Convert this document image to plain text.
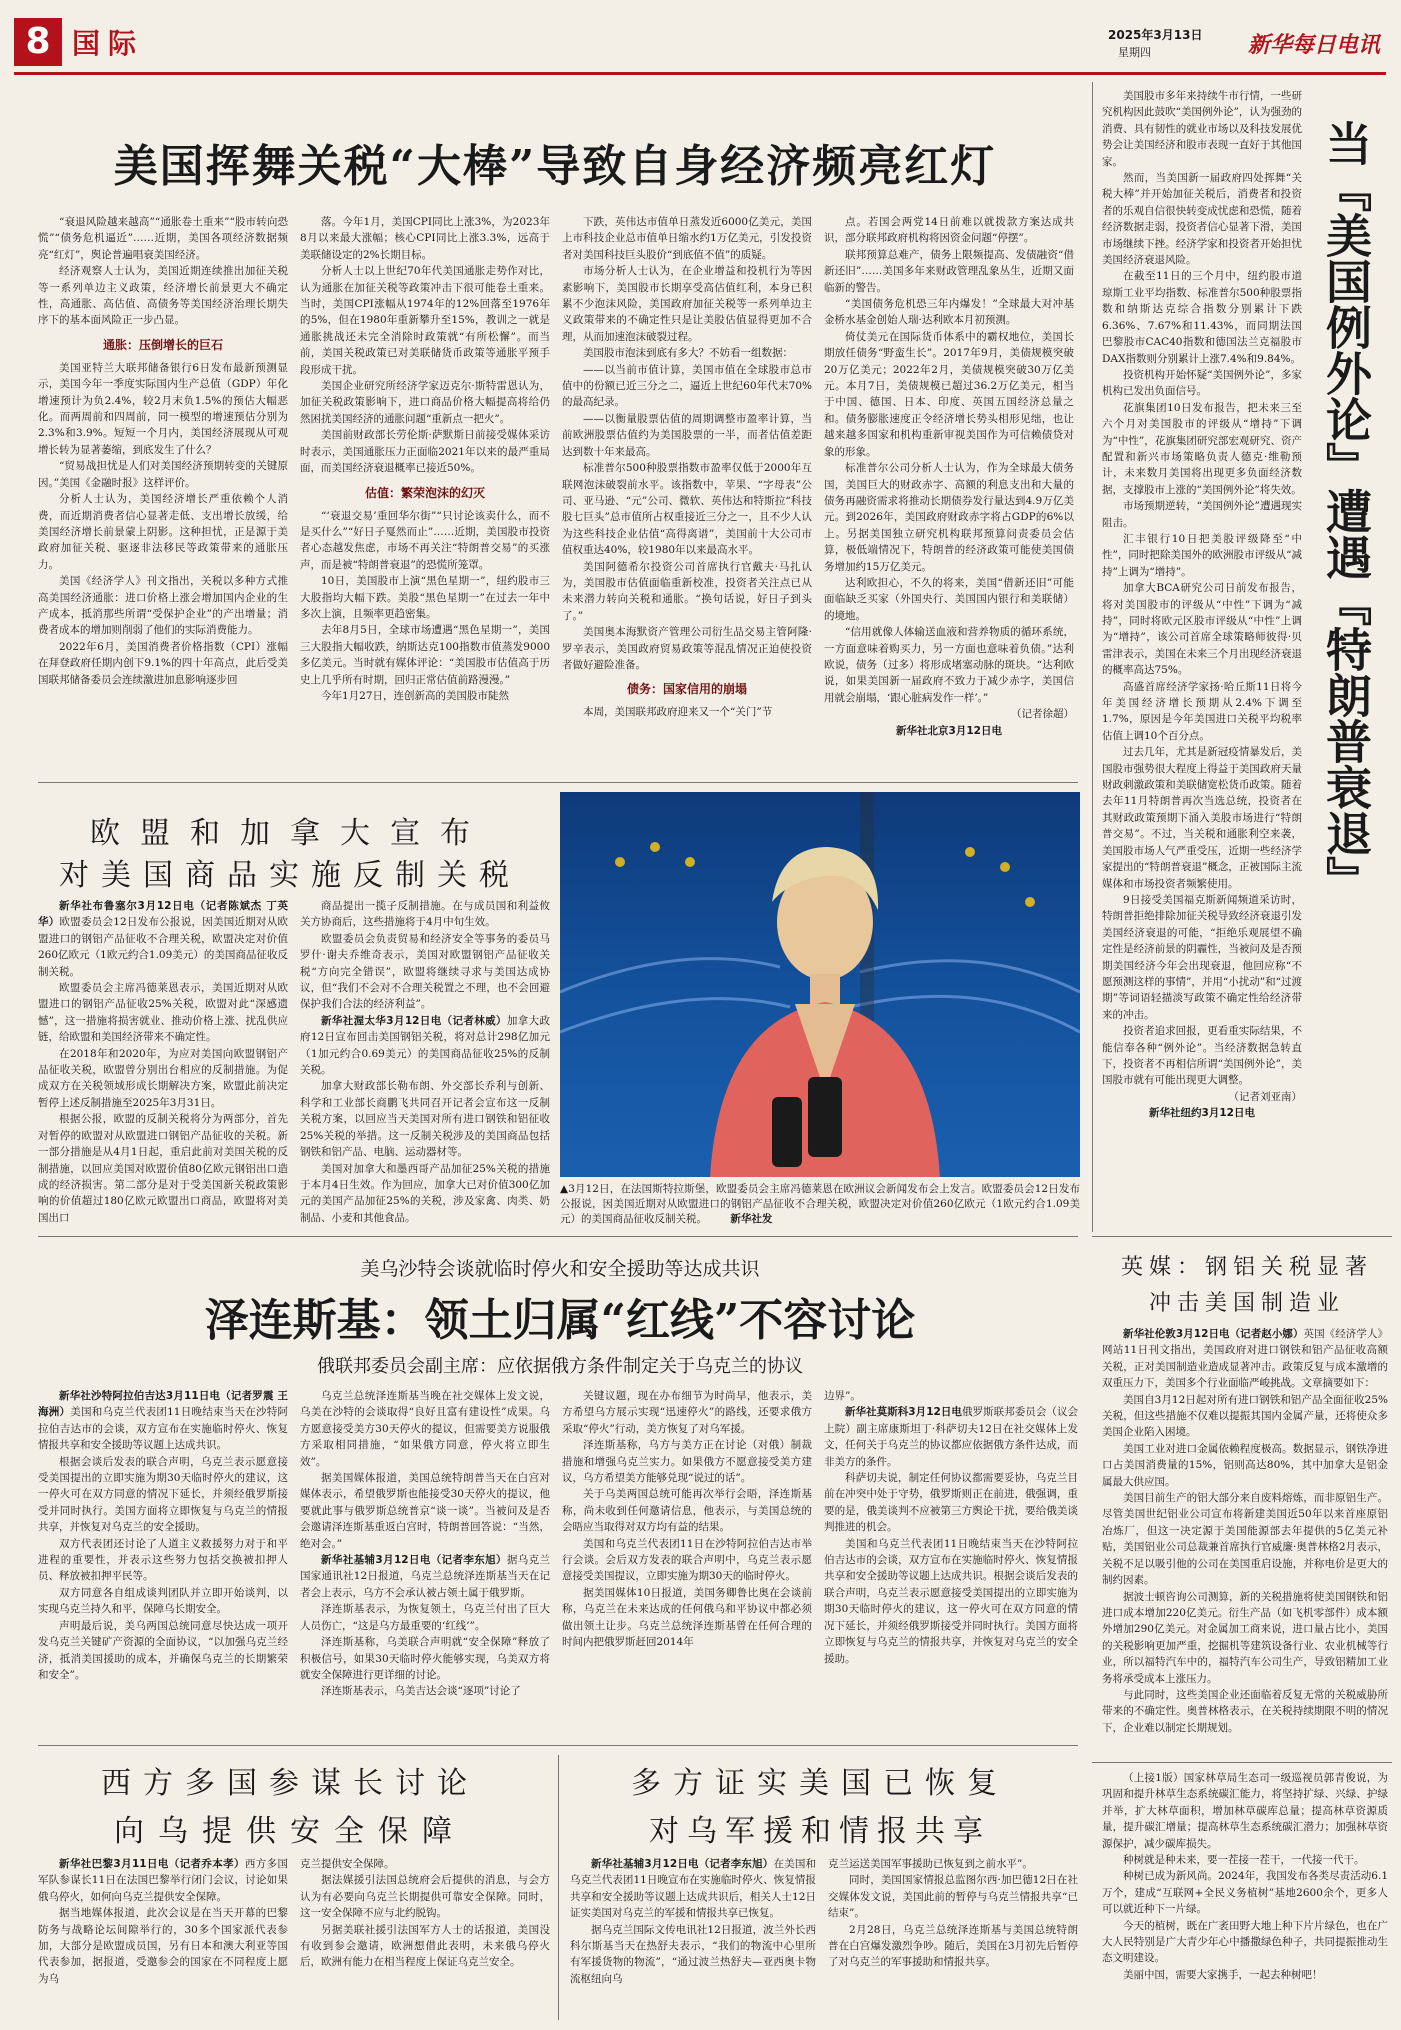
8 国际	2025年3月13日
星期四	新华每日电讯
美国挥舞关税“大棒”导致自身经济频亮红灯

“衰退风险越来越高”“通胀卷土重来”“股市转向恐慌”“债务危机逼近”……近期，美国各项经济数据频亮“红灯”，舆论普遍唱衰美国经济。

经济观察人士认为，美国近期连续推出加征关税等一系列单边主义政策，经济增长前景更大不确定性，高通胀、高估值、高债务等美国经济治理长期失序下的基本面风险正一步凸显。

通胀：压倒增长的巨石

美国亚特兰大联邦储备银行6日发布最新预测显示，美国今年一季度实际国内生产总值（GDP）年化增速预计为负2.4%，较2月末负1.5%的预估大幅恶化。而两周前和四周前，同一模型的增速预估分别为2.3%和3.9%。短短一个月内，美国经济展现从可观增长转为显著萎缩，到底发生了什么？

“贸易战担忧是人们对美国经济预期转变的关键原因。”美国《金融时报》这样评价。

分析人士认为，美国经济增长严重依赖个人消费，而近期消费者信心显著走低、支出增长放缓，给美国经济增长前景蒙上阴影。这种担忧，正是源于美政府加征关税、驱逐非法移民等政策带来的通胀压力。

美国《经济学人》刊文指出，关税以多种方式推高美国经济通胀：进口价格上涨会增加国内企业的生产成本，抵消那些所谓“受保护企业”的产出增量；消费者成本的增加则削弱了他们的实际消费能力。

2022年6月，美国消费者价格指数（CPI）涨幅在拜登政府任期内创下9.1%的四十年高点，此后受美国联邦储备委员会连续激进加息影响逐步回

落。今年1月，美国CPI同比上涨3%，为2023年8月以来最大涨幅；核心CPI同比上涨3.3%，远高于美联储设定的2%长期目标。

分析人士以上世纪70年代美国通胀走势作对比，认为通胀在加征关税等政策冲击下很可能卷土重来。当时，美国CPI涨幅从1974年的12%回落至1976年的5%，但在1980年重新攀升至15%，教训之一就是通胀挑战还未完全消除时政策就“有所松懈”。而当前，美国关税政策已对美联储货币政策等通胀平预手段形成干扰。

美国企业研究所经济学家迈克尔·斯特雷恩认为，加征关税政策影响下，进口商品价格大幅提高将给仍然困扰美国经济的通胀问题“重新点一把火”。

美国前财政部长劳伦斯·萨默斯日前接受媒体采访时表示，美国通胀压力正面临2021年以来的最严重局面，而美国经济衰退概率已接近50%。

估值：繁荣泡沫的幻灭

“‘衰退交易’重回华尔街”“只讨论该卖什么，而不是买什么”“好日子戛然而止”……近期，美国股市投资者心态越发焦虑，市场不再关注“特朗普交易”的买涨声，而是被“特朗普衰退”的恐慌所笼罩。

10日，美国股市上演“黑色星期一”，纽约股市三大股指均大幅下跌。美股“黑色星期一”在过去一年中多次上演，且频率更趋密集。

去年8月5日，全球市场遭遇“黑色星期一”，美国三大股指大幅收跌，纳斯达克100指数市值蒸发9000多亿美元。当时就有媒体评论：“美国股市估值高于历史上几乎所有时期，回归正常估值前路漫漫。”

今年1月27日，连创新高的美国股市陡然

下跌，英伟达市值单日蒸发近6000亿美元，美国上市科技企业总市值单日缩水约1万亿美元，引发投资者对美国科技巨头股价“到底值不值”的质疑。

市场分析人士认为，在企业增益和投机行为等因素影响下，美国股市长期享受高估值红利，本身已积累不少泡沫风险，美国政府加征关税等一系列单边主义政策带来的不确定性只是让美股估值显得更加不合理，从而加速泡沫破裂过程。

美国股市泡沫到底有多大？不妨看一组数据：

——以当前市值计算，美国市值在全球股市总市值中的份额已近三分之二，逼近上世纪60年代末70%的最高纪录。

——以衡量股票估值的周期调整市盈率计算，当前欧洲股票估值约为美国股票的一半，而者估值差距达到数十年来最高。

标准普尔500种股票指数市盈率仅低于2000年互联网泡沫破裂前水平。该指数中，苹果、“字母表”公司、亚马逊、“元”公司、微软、英伟达和特斯拉“科技股七巨头”总市值所占权重接近三分之一，且不少人认为这些科技企业估值“高得离谱”，美国前十大公司市值权重达40%，较1980年以来最高水平。

美国阿德希尔投资公司首席执行官戴夫·马扎认为，美国股市估值面临重新校准，投资者关注点已从未来潜力转向关税和通胀。“换句话说，好日子到头了。”

美国奥本海默资产管理公司衍生品交易主管阿隆·罗辛表示，美国政府贸易政策等混乱情况正迫使投资者做好避险准备。

债务：国家信用的崩塌

本周，美国联邦政府迎来又一个“关门”节

点。若国会两党14日前难以就拨款方案达成共识，部分联邦政府机构将因资金问题“停摆”。

联邦预算总难产，债务上限频提高、发债融资“借新还旧”……美国多年来财政管理乱象丛生，近期又面临新的警告。

“美国债务危机恐三年内爆发！”全球最大对冲基金桥水基金创始人瑞·达利欧本月初预测。

倚仗美元在国际货币体系中的霸权地位，美国长期放任债务“野蛮生长”。2017年9月，美债规模突破20万亿美元；2022年2月，美债规模突破30万亿美元。本月7日，美债规模已超过36.2万亿美元，相当于中国、德国、日本、印度、英国五国经济总量之和。债务膨胀速度正令经济增长势头相形见绌，也让越来越多国家和机构重新审视美国作为可信赖债贷对象的形象。

标准普尔公司分析人士认为，作为全球最大债务国，美国巨大的财政赤字、高额的利息支出和大量的债务再融资需求将推动长期债券发行量达到4.9万亿美元。到2026年，美国政府财政赤字将占GDP的6%以上。另据美国独立研究机构联邦预算问责委员会估算，极低端情况下，特朗普的经济政策可能使美国债务增加约15万亿美元。

达利欧担心，不久的将来，美国“借新还旧”可能面临缺乏买家（外国央行、美国国内银行和美联储）的境地。

“信用就像人体输送血液和营养物质的循环系统，一方面意味着购买力，另一方面也意味着负债。”达利欧说，债务（过多）将形成堵塞动脉的斑块。“达利欧说，如果美国新一届政府不致力于减少赤字，美国信用就会崩塌，‘跟心脏病发作一样’。”

（记者徐超）

新华社北京3月12日电

美国股市多年来持续牛市行情，一些研究机构因此鼓吹“美国例外论”，认为强劲的消费、具有韧性的就业市场以及科技发展优势会让美国经济和股市表现一直好于其他国家。

然而，当美国新一届政府四处挥舞“关税大棒”并开始加征关税后，消费者和投资者的乐观自信很快转变成忧虑和恐慌，随着经济数据走弱，投资者信心显著下滑，美国市场继续下挫。经济学家和投资者开始担忧美国经济衰退风险。

在截至11日的三个月中，纽约股市道琼斯工业平均指数、标准普尔500种股票指数和纳斯达克综合指数分别累计下跌6.36%、7.67%和11.43%，而同期法国巴黎股市CAC40指数和德国法兰克福股市DAX指数则分别累计上涨7.4%和9.84%。

投资机构开始怀疑“美国例外论”，多家机构已发出负面信号。

花旗集团10日发布报告，把未来三至六个月对美国股市的评级从“增持”下调为“中性”，花旗集团研究部宏观研究、资产配置和新兴市场策略负责人德克·维勒预计，未来数月美国将出现更多负面经济数据，支撑股市上涨的“美国例外论”将失效。

市场预期逆转，“美国例外论”遭遇现实阻击。

汇丰银行10日把美股评级降至“中性”，同时把除美国外的欧洲股市评级从“减持”上调为“增持”。

加拿大BCA研究公司日前发布报告，将对美国股市的评级从“中性”下调为“减持”，同时将欧元区股市评级从“中性”上调为“增持”，该公司首席全球策略师彼得·贝雷津表示，美国在未来三个月出现经济衰退的概率高达75%。

高盛首席经济学家扬·哈丘斯11日将今年美国经济增长预期从2.4%下调至1.7%，原因是今年美国进口关税平均税率估值上调10个百分点。

过去几年，尤其是新冠疫情暴发后，美国股市强势很大程度上得益于美国政府天量财政刺激政策和美联储宽松货币政策。随着去年11月特朗普再次当选总统，投资者在其财政政策预期下涌入美股市场进行“特朗普交易”。不过，当关税和通胀利空来袭，美国股市场人气严重受压，近期一些经济学家提出的“特朗普衰退”概念，正被国际主流媒体和市场投资者频繁使用。

9日接受美国福克斯新闻频道采访时，特朗普拒绝排除加征关税导致经济衰退引发美国经济衰退的可能，“拒绝乐观展望不确定性是经济前景的阴霾性，当被问及是否预期美国经济今年会出现衰退，他回应称“不愿预测这样的事情”，并用“小扰动”和“过渡期”等词语轻描淡写政策不确定性给经济带来的冲击。

投资者追求回报，更看重实际结果，不能信奉各种“例外论”。当经济数据急转直下，投资者不再相信所谓“美国例外论”，美国股市就有可能出现更大调整。

（记者刘亚南）

新华社纽约3月12日电

当『美国例外论』遭遇『特朗普衰退』
欧盟和加拿大宣布
对美国商品实施反制关税

新华社布鲁塞尔3月12日电（记者陈斌杰 丁英华）欧盟委员会12日发布公报说，因美国近期对从欧盟进口的钢铝产品征收不合理关税，欧盟决定对价值260亿欧元（1欧元约合1.09美元）的美国商品征收反制关税。

欧盟委员会主席冯德莱恩表示，美国近期对从欧盟进口的钢铝产品征收25%关税，欧盟对此“深感遗憾”，这一措施将损害就业、推动价格上涨、扰乱供应链，给欧盟和美国经济带来不确定性。

在2018年和2020年，为应对美国向欧盟钢铝产品征收关税，欧盟曾分别出台相应的反制措施。为促成双方在关税领域形成长期解决方案，欧盟此前决定暂停上述反制措施至2025年3月31日。

根据公报，欧盟的反制关税将分为两部分，首先对暂停的欧盟对从欧盟进口钢铝产品征收的关税。新一部分措施是从4月1日起，重启此前对美国关税的反制措施，以回应美国对欧盟价值80亿欧元钢铝出口造成的经济损害。第二部分是对于受美国新关税政策影响的价值超过180亿欧元欧盟出口商品，欧盟将对美国出口

商品提出一揽子反制措施。在与成员国和利益攸关方协商后，这些措施将于4月中旬生效。

欧盟委员会负责贸易和经济安全等事务的委员马罗什·谢夫乔维奇表示，美国对欧盟钢铝产品征收关税“方向完全错误”，欧盟将继续寻求与美国达成协议，但“我们不会对不合理关税置之不理，也不会回避保护我们合法的经济利益”。

新华社渥太华3月12日电（记者林威）加拿大政府12日宣布回击美国钢铝关税，将对总计298亿加元（1加元约合0.69美元）的美国商品征收25%的反制关税。

加拿大财政部长勒布朗、外交部长乔利与创新、科学和工业部长商鹏飞共同召开记者会宣布这一反制关税方案，以回应当天美国对所有进口钢铁和铝征收25%关税的举措。这一反制关税涉及的美国商品包括钢铁和铝产品、电脑、运动器材等。

美国对加拿大和墨西哥产品加征25%关税的措施于本月4日生效。作为回应，加拿大已对价值300亿加元的美国产品加征25%的关税，涉及家禽、肉类、奶制品、小麦和其他食品。

▲3月12日，在法国斯特拉斯堡，欧盟委员会主席冯德莱恩在欧洲议会新闻发布会上发言。欧盟委员会12日发布公报说，因美国近期对从欧盟进口的钢铝产品征收不合理关税，欧盟决定对价值260亿欧元（1欧元约合1.09美元）的美国商品征收反制关税。 新华社发
英媒：钢铝关税显著
冲击美国制造业

新华社伦敦3月12日电（记者赵小娜）英国《经济学人》网站11日刊文指出，美国政府对进口钢铁和铝产品征收高额关税，正对美国制造业造成显著冲击。政策反复与成本激增的双重压力下，美国多个行业面临严峻挑战。文章摘要如下：

美国自3月12日起对所有进口钢铁和铝产品全面征收25%关税，但这些措施不仅难以提振其国内金属产量，还将使众多美国企业陷入困境。

美国工业对进口金属依赖程度极高。数据显示，钢铁净进口占美国消费量的15%，铝则高达80%，其中加拿大是铝金属最大供应国。

美国目前生产的铝大部分来自废料熔炼，而非原铝生产。尽管美国世纪铝业公司宣布将新建美国近50年以来首座原铝冶炼厂，但这一决定源于美国能源部去年提供的5亿美元补贴，美国铝业公司总裁兼首席执行官威廉·奥普林格2月表示，关税不足以吸引他的公司在美国重启设施，并称电价是更大的制约因素。

据波士顿咨询公司测算，新的关税措施将使美国钢铁和铝进口成本增加220亿美元。衍生产品（如飞机零部件）成本额外增加290亿美元。对金属加工商来说，进口量占比小，美国的关税影响更加严重，挖掘机等建筑设备行业、农业机械等行业，所以福特汽车中的，福特汽车公司生产，导致铝精加工业务将承受成本上涨压力。

与此同时，这些美国企业还面临着反复无常的关税威胁所带来的不确定性。奥普林格表示，在关税持续期限不明的情况下，企业难以制定长期规划。

美乌沙特会谈就临时停火和安全援助等达成共识
泽连斯基：领土归属“红线”不容讨论
俄联邦委员会副主席：应依据俄方条件制定关于乌克兰的协议

新华社沙特阿拉伯吉达3月11日电（记者罗震 王海洲）美国和乌克兰代表团11日晚结束当天在沙特阿拉伯吉达市的会谈，双方宣布在实施临时停火、恢复情报共享和安全援助等议题上达成共识。

根据会谈后发表的联合声明，乌克兰表示愿意接受美国提出的立即实施为期30天临时停火的建议，这一停火可在双方同意的情况下延长，并须经俄罗斯接受并同时执行。美国方面将立即恢复与乌克兰的情报共享，并恢复对乌克兰的安全援助。

双方代表团还讨论了人道主义救援努力对于和平进程的重要性，并表示这些努力包括交换被扣押人员、释放被扣押平民等。

双方同意各自组成谈判团队并立即开始谈判，以实现乌克兰持久和平，保障乌长期安全。

声明最后说，美乌两国总统同意尽快达成一项开发乌克兰关键矿产资源的全面协议，“以加强乌克兰经济，抵消美国援助的成本，并确保乌克兰的长期繁荣和安全”。

乌克兰总统泽连斯基当晚在社交媒体上发文说，乌美在沙特的会谈取得“良好且富有建设性”成果。乌方愿意接受美方30天停火的提议，但需要美方说服俄方采取相同措施，“如果俄方同意，停火将立即生效”。

据美国媒体报道，美国总统特朗普当天在白宫对媒体表示，希望俄罗斯也能接受30天停火的提议，他要就此事与俄罗斯总统普京“谈一谈”。当被问及是否会邀请泽连斯基重返白宫时，特朗普回答说：“当然，绝对会。”

新华社基辅3月12日电（记者李东旭）据乌克兰国家通讯社12日报道，乌克兰总统泽连斯基当天在记者会上表示，乌方不会承认被占领土属于俄罗斯。

泽连斯基表示，为恢复领土，乌克兰付出了巨大人员伤亡，“这是乌方最重要的‘红线’”。

泽连斯基称，乌美联合声明就“安全保障”释放了积极信号，如果30天临时停火能够实现，乌美双方将就安全保障进行更详细的讨论。

泽连斯基表示，乌美吉达会谈“逐项”讨论了

关键议题，现在办布细节为时尚早，他表示，美方希望乌方展示实现“迅速停火”的路线，还要求俄方采取“停火”行动，美方恢复了对乌军援。

泽连斯基称，乌方与美方正在讨论（对俄）制裁措施和增强乌克兰实力。如果俄方不愿意接受美方建议，乌方希望美方能够兑现“说过的话”。

关于乌美两国总统可能再次举行会晤，泽连斯基称，尚未收到任何邀请信息，他表示，与美国总统的会晤应当取得对双方均有益的结果。

美国和乌克兰代表团11日在沙特阿拉伯吉达市举行会谈。会后双方发表的联合声明中，乌克兰表示愿意接受美国提议，立即实施为期30天的临时停火。

据美国媒体10日报道，美国务卿鲁比奥在会谈前称，乌克兰在未来达成的任何俄乌和平协议中都必须做出领土让步。乌克兰总统泽连斯基曾在任何合理的时间内把俄罗斯赶回2014年

边界”。

新华社莫斯科3月12日电俄罗斯联邦委员会（议会上院）副主席康斯坦丁·科萨切夫12日在社交媒体上发文，任何关于乌克兰的协议都应依据俄方条件达成，而非美方的条件。

科萨切夫说，制定任何协议都需要妥协，乌克兰目前在冲突中处于守势，俄罗斯则正在前进，俄强调，重要的是，俄美谈判不应被第三方舆论干扰，要给俄美谈判推进的机会。

美国和乌克兰代表团11日晚结束当天在沙特阿拉伯吉达市的会谈，双方宣布在实施临时停火、恢复情报共享和安全援助等议题上达成共识。根据会谈后发表的联合声明，乌克兰表示愿意接受美国提出的立即实施为期30天临时停火的建议，这一停火可在双方同意的情况下延长，并须经俄罗斯接受并同时执行。美国方面将立即恢复与乌克兰的情报共享，并恢复对乌克兰的安全援助。

西方多国参谋长讨论
向乌提供安全保障

新华社巴黎3月11日电（记者乔本孝）西方多国军队参谋长11日在法国巴黎举行闭门会议，讨论如果俄乌停火，如何向乌克兰提供安全保障。

据当地媒体报道，此次会议是在当天开幕的巴黎防务与战略论坛间隙举行的，30多个国家派代表参加，大部分是欧盟成员国，另有日本和澳大利亚等国代表参加，据报道，受邀参会的国家在不同程度上愿为乌

克兰提供安全保障。

据法媒援引法国总统府会后提供的消息，与会方认为有必要向乌克兰长期提供可靠安全保障。同时，这一安全保障不应与北约脱钩。

另据美联社援引法国军方人士的话报道，美国没有收到参会邀请，欧洲想借此表明，未来俄乌停火后，欧洲有能力在相当程度上保证乌克兰安全。

多方证实美国已恢复
对乌军援和情报共享

新华社基辅3月12日电（记者李东旭）在美国和乌克兰代表团11日晚宣布在实施临时停火、恢复情报共享和安全援助等议题上达成共识后，相关人士12日证实美国对乌克兰的军援和情报共享已恢复。

据乌克兰国际文传电讯社12日报道，波兰外长西科尔斯基当天在热舒夫表示，“我们的物流中心里所有军援货物的物流”，“通过波兰热舒夫—亚西奥卡物流枢纽向乌

克兰运送美国军事援助已恢复到之前水平”。

同时，美国国家情报总监图尔西·加巴德12日在社交媒体发文说，美国此前的暂停与乌克兰情报共享“已结束”。

2月28日，乌克兰总统泽连斯基与美国总统特朗普在白宫爆发激烈争吵。随后，美国在3月初先后暂停了对乌克兰的军事援助和情报共享。

（上接1版）国家林草局生态司一级巡视员郭青俊说，为巩固和提升林草生态系统碳汇能力，将坚持扩绿、兴绿、护绿并举，扩大林草面积，增加林草碳库总量；提高林草资源质量，提升碳汇增量；提高林草生态系统碳汇潜力；加强林草资源保护，减少碳库损失。

种树就是种未来，要一茬接一茬干，一代接一代干。

种树已成为新风尚。2024年，我国发布各类尽责活动6.1万个，建成“互联网+全民义务植树”基地2600余个，更多人可以就近种下一片绿。

今天的植树，既在广袤田野大地上种下片片绿色，也在广大人民特别是广大青少年心中播撒绿色种子，共同提振推动生态文明建设。

美丽中国，需要大家携手，一起去种树吧！
